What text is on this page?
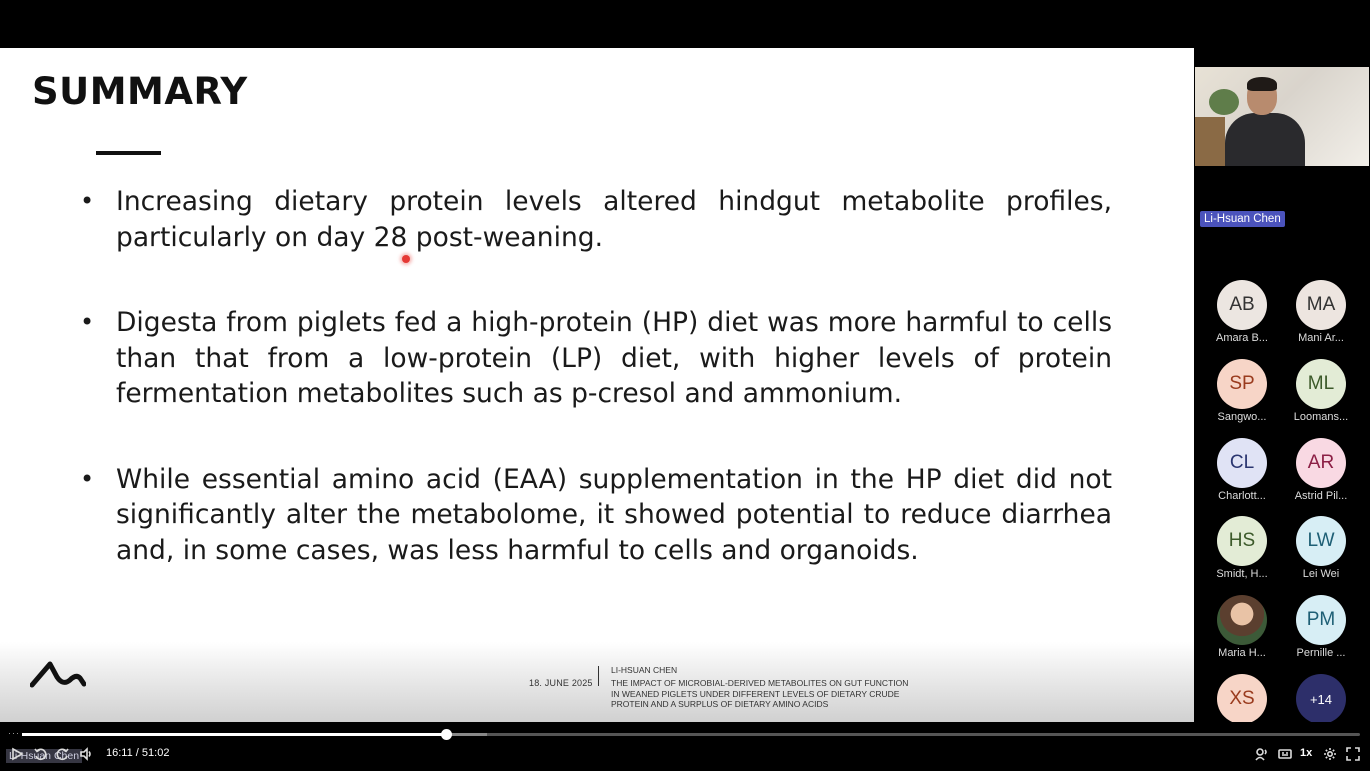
SUMMARY
• Increasing dietary protein levels altered hindgut metabolite profiles, particularly on day 28 post-weaning.
• Digesta from piglets fed a high-protein (HP) diet was more harmful to cells than that from a low-protein (LP) diet, with higher levels of protein fermentation metabolites such as p-cresol and ammonium.
• While essential amino acid (EAA) supplementation in the HP diet did not significantly alter the metabolome, it showed potential to reduce diarrhea and, in some cases, was less harmful to cells and organoids.
18. JUNE 2025
LI-HSUAN CHEN
THE IMPACT OF MICROBIAL-DERIVED METABOLITES ON GUT FUNCTION IN WEANED PIGLETS UNDER DIFFERENT LEVELS OF DIETARY CRUDE PROTEIN AND A SURPLUS OF DIETARY AMINO ACIDS
Li-Hsuan Chen
AB
Amara B...
MA
Mani Ar...
SP
Sangwo...
ML
Loomans...
CL
Charlott...
AR
Astrid Pil...
HS
Smidt, H...
LW
Lei Wei
Maria H...
PM
Pernille ...
XS	+14
···
Li-Hsuan Chen 16:11 / 51:02	1x
